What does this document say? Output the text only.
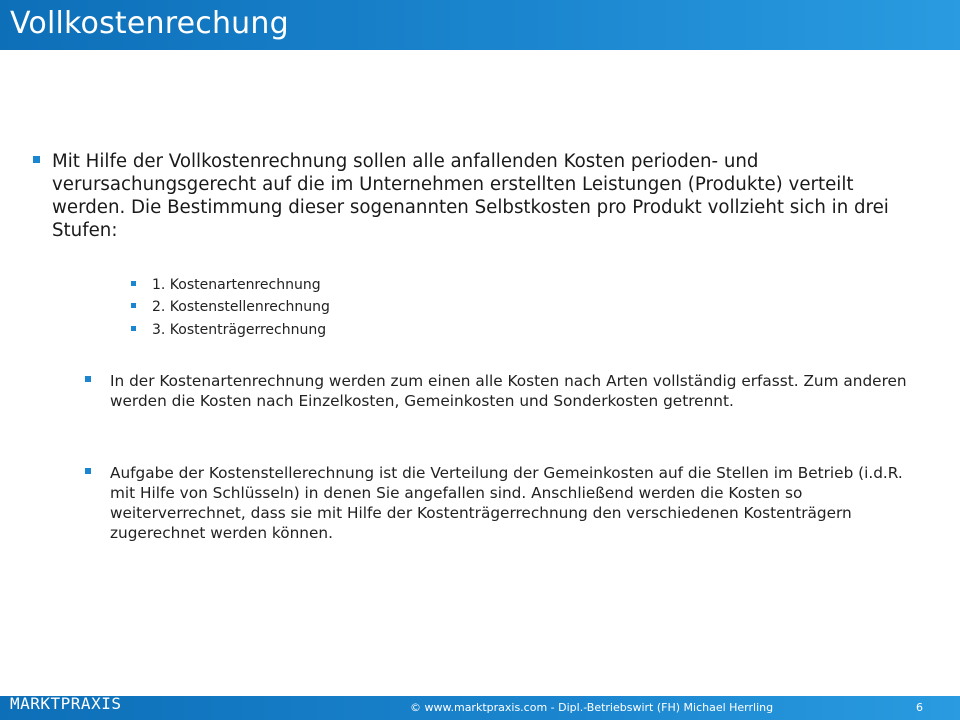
Vollkostenrechung
Mit Hilfe der Vollkostenrechnung sollen alle anfallenden Kosten perioden- und verursachungsgerecht auf die im Unternehmen erstellten Leistungen (Produkte) verteilt werden. Die Bestimmung dieser sogenannten Selbstkosten pro Produkt vollzieht sich in drei Stufen:
1. Kostenartenrechnung
2. Kostenstellenrechnung
3. Kostenträgerrechnung
In der Kostenartenrechnung werden zum einen alle Kosten nach Arten vollständig erfasst. Zum anderen werden die Kosten nach Einzelkosten, Gemeinkosten und Sonderkosten getrennt.
Aufgabe der Kostenstellerechnung ist die Verteilung der Gemeinkosten auf die Stellen im Betrieb (i.d.R. mit Hilfe von Schlüsseln) in denen Sie angefallen sind. Anschließend werden die Kosten so weiterverrechnet, dass sie mit Hilfe der Kostenträgerrechnung den verschiedenen Kostenträgern zugerechnet werden können.
MARKTPRAXIS	© www.marktpraxis.com - Dipl.-Betriebswirt (FH) Michael Herrling	6
